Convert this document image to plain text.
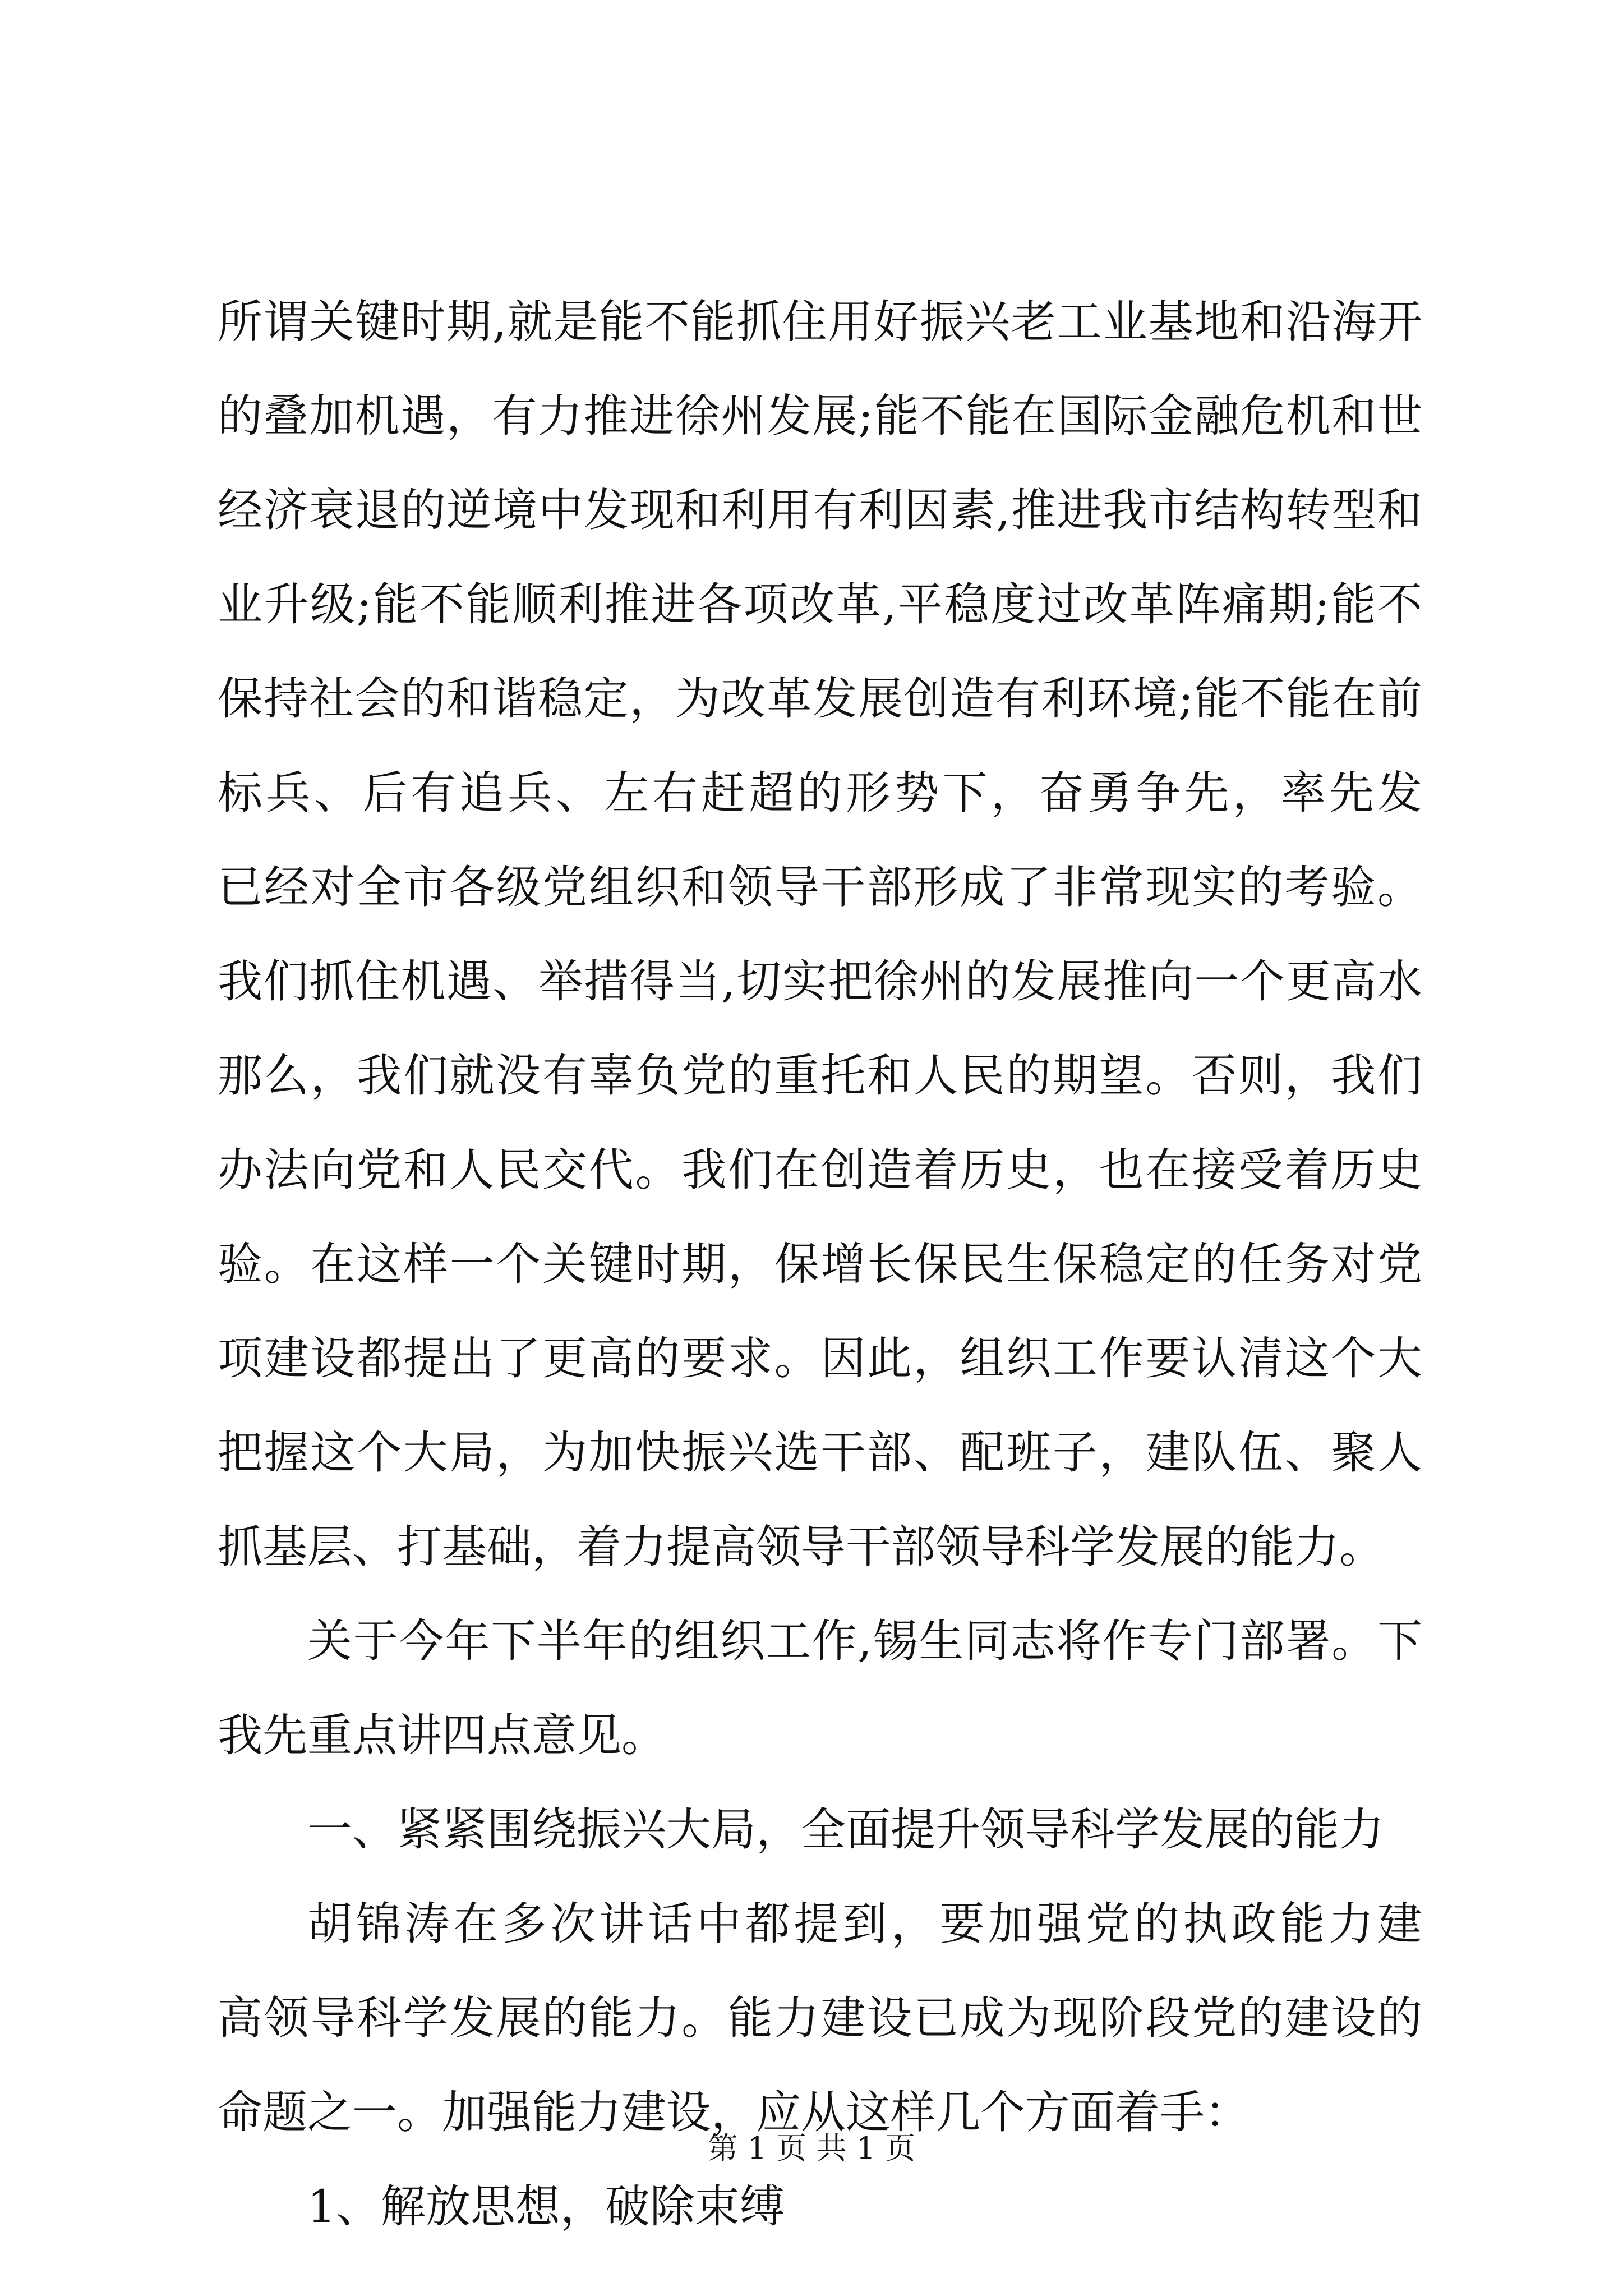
所谓关键时期,就是能不能抓住用好振兴老工业基地和沿海开
的叠加机遇，有力推进徐州发展;能不能在国际金融危机和世
经济衰退的逆境中发现和利用有利因素,推进我市结构转型和
业升级;能不能顺利推进各项改革,平稳度过改革阵痛期;能不
保持社会的和谐稳定，为改革发展创造有利环境;能不能在前
标兵、后有追兵、左右赶超的形势下，奋勇争先，率先发
已经对全市各级党组织和领导干部形成了非常现实的考验。
我们抓住机遇、举措得当,切实把徐州的发展推向一个更高水
那么，我们就没有辜负党的重托和人民的期望。否则，我们
办法向党和人民交代。我们在创造着历史，也在接受着历史
验。在这样一个关键时期，保增长保民生保稳定的任务对党
项建设都提出了更高的要求。因此，组织工作要认清这个大
把握这个大局，为加快振兴选干部、配班子，建队伍、聚人
抓基层、打基础，着力提高领导干部领导科学发展的能力。
关于今年下半年的组织工作,锡生同志将作专门部署。下
我先重点讲四点意见。
一、紧紧围绕振兴大局，全面提升领导科学发展的能力
胡锦涛在多次讲话中都提到，要加强党的执政能力建
高领导科学发展的能力。能力建设已成为现阶段党的建设的
命题之一。加强能力建设，应从这样几个方面着手：
1、解放思想，破除束缚
第 1 页 共 1 页
